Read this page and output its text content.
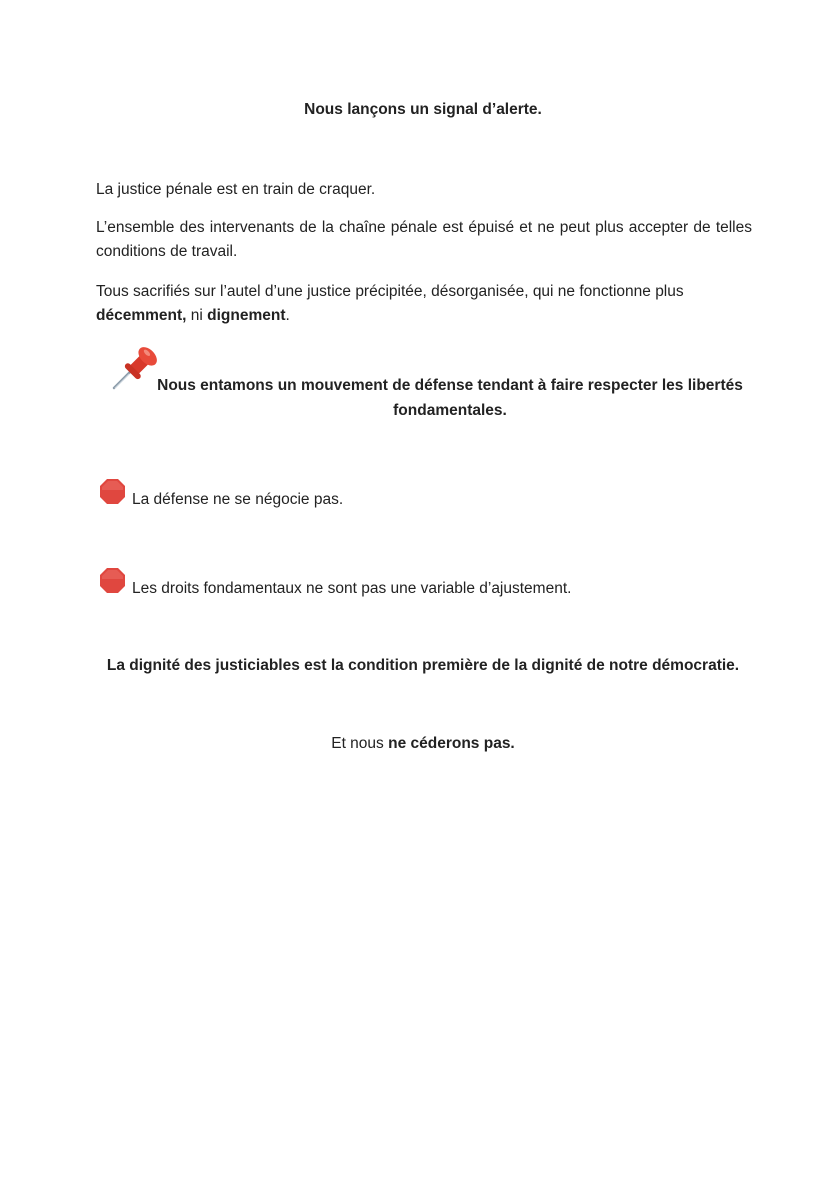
Nous lançons un signal d’alerte.

La justice pénale est en train de craquer.

L’ensemble des intervenants de la chaîne pénale est épuisé et ne peut plus accepter de telles conditions de travail.

Tous sacrifiés sur l’autel d’une justice précipitée, désorganisée, qui ne fonctionne plus
décemment, ni dignement.

Nous entamons un mouvement de défense tendant à faire respecter les libertés fondamentales.
La défense ne se négocie pas.
Les droits fondamentaux ne sont pas une variable d’ajustement.
La dignité des justiciables est la condition première de la dignité de notre démocratie.
Et nous ne céderons pas.
